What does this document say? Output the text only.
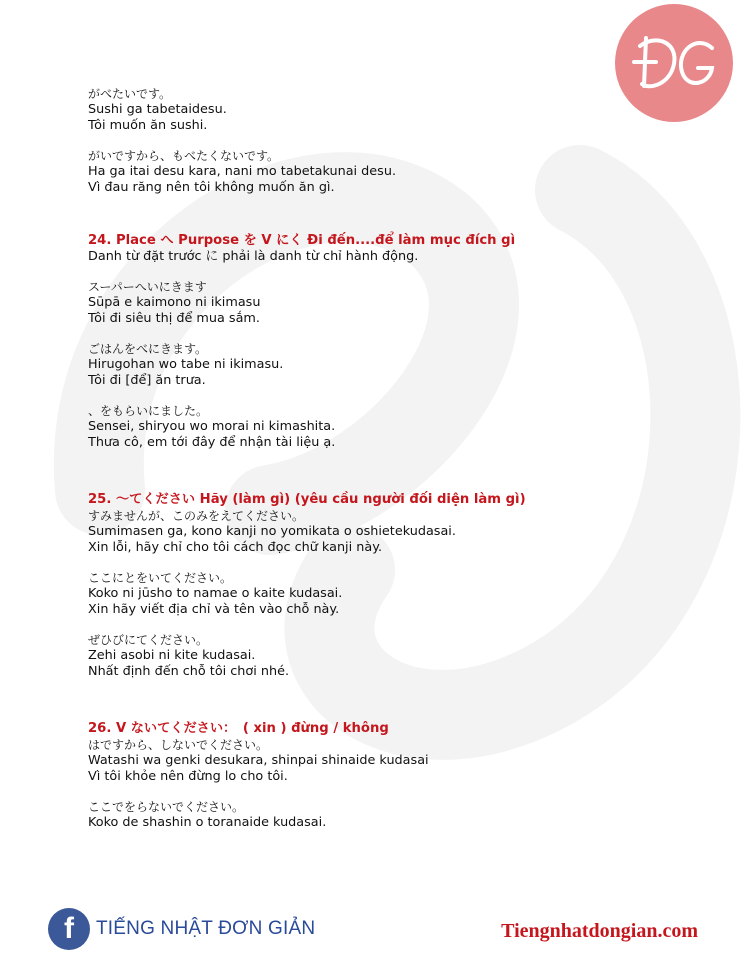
がべたいです。
Sushi ga tabetaidesu.
Tôi muốn ăn sushi.
がいですから、もべたくないです。
Ha ga itai desu kara, nani mo tabetakunai desu.
Vì đau răng nên tôi không muốn ăn gì.
24. Place へ Purpose を V にく Đi đến....để làm mục đích gì
Danh từ đặt trước に phải là danh từ chỉ hành động.
スーパーへいにきます
Sūpā e kaimono ni ikimasu
Tôi đi siêu thị để mua sắm.
ごはんをべにきます。
Hirugohan wo tabe ni ikimasu.
Tôi đi [để] ăn trưa.
、をもらいにました。
Sensei, shiryou wo morai ni kimashita.
Thưa cô, em tới đây để nhận tài liệu ạ.
25. ～てください Hãy (làm gì) (yêu cầu người đối diện làm gì)
すみませんが、このみをえてください。
Sumimasen ga, kono kanji no yomikata o oshietekudasai.
Xin lỗi, hãy chỉ cho tôi cách đọc chữ kanji này.
ここにとをいてください。
Koko ni jūsho to namae o kaite kudasai.
Xin hãy viết địa chỉ và tên vào chỗ này.
ぜひびにてください。
Zehi asobi ni kite kudasai.
Nhất định đến chỗ tôi chơi nhé.
26. V ないてください：　( xin ) đừng / không
はですから、しないでください。
Watashi wa genki desukara, shinpai shinaide kudasai
Vì tôi khỏe nên đừng lo cho tôi.
ここでをらないでください。
Koko de shashin o toranaide kudasai.
f	TIẾNG NHẬT ĐƠN GIẢN	Tiengnhatdongian.com
